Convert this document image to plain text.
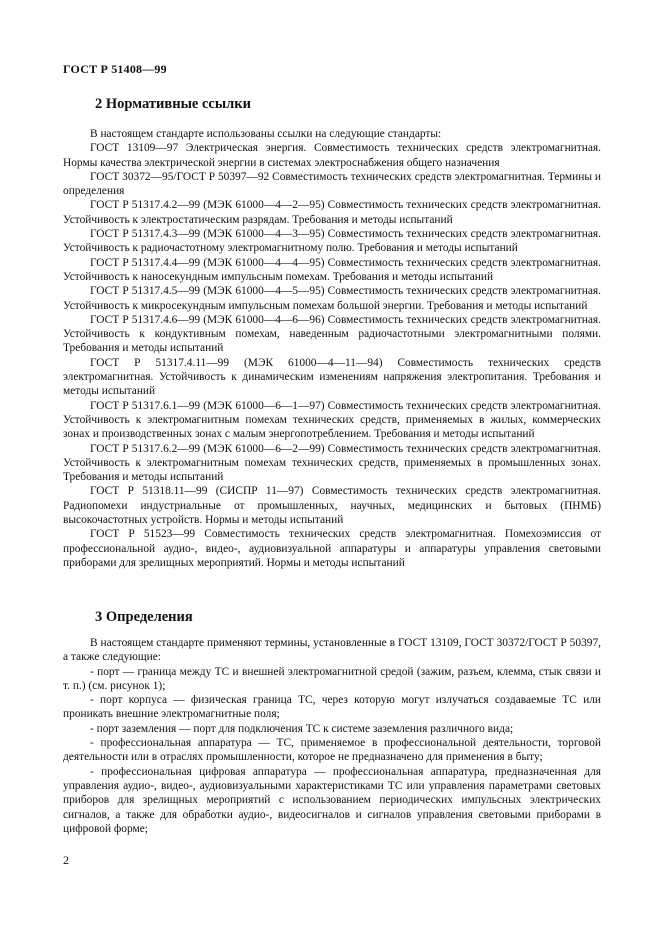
ГОСТ Р 51408—99
2 Нормативные ссылки

В настоящем стандарте использованы ссылки на следующие стандарты:

ГОСТ 13109—97 Электрическая энергия. Совместимость технических средств электромагнитная. Нормы качества электрической энергии в системах электроснабжения общего назначения

ГОСТ 30372—95/ГОСТ Р 50397—92 Совместимость технических средств электромагнитная. Термины и определения

ГОСТ Р 51317.4.2—99 (МЭК 61000—4—2—95) Совместимость технических средств электромагнитная. Устойчивость к электростатическим разрядам. Требования и методы испытаний

ГОСТ Р 51317.4.3—99 (МЭК 61000—4—3—95) Совместимость технических средств электромагнитная. Устойчивость к радиочастотному электромагнитному полю. Требования и методы испытаний

ГОСТ Р 51317.4.4—99 (МЭК 61000—4—4—95) Совместимость технических средств электромагнитная. Устойчивость к наносекундным импульсным помехам. Требования и методы испытаний

ГОСТ Р 51317.4.5—99 (МЭК 61000—4—5—95) Совместимость технических средств электромагнитная. Устойчивость к микросекундным импульсным помехам большой энергии. Требования и методы испытаний

ГОСТ Р 51317.4.6—99 (МЭК 61000—4—6—96) Совместимость технических средств электромагнитная. Устойчивость к кондуктивным помехам, наведенным радиочастотными электромагнитными полями. Требования и методы испытаний

ГОСТ Р 51317.4.11—99 (МЭК 61000—4—11—94) Совместимость технических средств электромагнитная. Устойчивость к динамическим изменениям напряжения электропитания. Требования и методы испытаний

ГОСТ Р 51317.6.1—99 (МЭК 61000—6—1—97) Совместимость технических средств электромагнитная. Устойчивость к электромагнитным помехам технических средств, применяемых в жилых, коммерческих зонах и производственных зонах с малым энергопотреблением. Требования и методы испытаний

ГОСТ Р 51317.6.2—99 (МЭК 61000—6—2—99) Совместимость технических средств электромагнитная. Устойчивость к электромагнитным помехам технических средств, применяемых в промышленных зонах. Требования и методы испытаний

ГОСТ Р 51318.11—99 (СИСПР 11—97) Совместимость технических средств электромагнитная. Радиопомехи индустриальные от промышленных, научных, медицинских и бытовых (ПНМБ) высокочастотных устройств. Нормы и методы испытаний

ГОСТ Р 51523—99 Совместимость технических средств электромагнитная. Помехоэмиссия от профессиональной аудио-, видео-, аудиовизуальной аппаратуры и аппаратуры управления световыми приборами для зрелищных мероприятий. Нормы и методы испытаний

3 Определения

В настоящем стандарте применяют термины, установленные в ГОСТ 13109, ГОСТ 30372/ГОСТ Р 50397, а также следующие:

- порт — граница между ТС и внешней электромагнитной средой (зажим, разъем, клемма, стык связи и т. п.) (см. рисунок 1);

- порт корпуса — физическая граница ТС, через которую могут излучаться создаваемые ТС или проникать внешние электромагнитные поля;

- порт заземления — порт для подключения ТС к системе заземления различного вида;

- профессиональная аппаратура — ТС, применяемое в профессиональной деятельности, торговой деятельности или в отраслях промышленности, которое не предназначено для применения в быту;

- профессиональная цифровая аппаратура — профессиональная аппаратура, предназначенная для управления аудио-, видео-, аудиовизуальными характеристиками ТС или управления параметрами световых приборов для зрелищных мероприятий с использованием периодических импульсных электрических сигналов, а также для обработки аудио-, видеосигналов и сигналов управления световыми приборами в цифровой форме;

2
